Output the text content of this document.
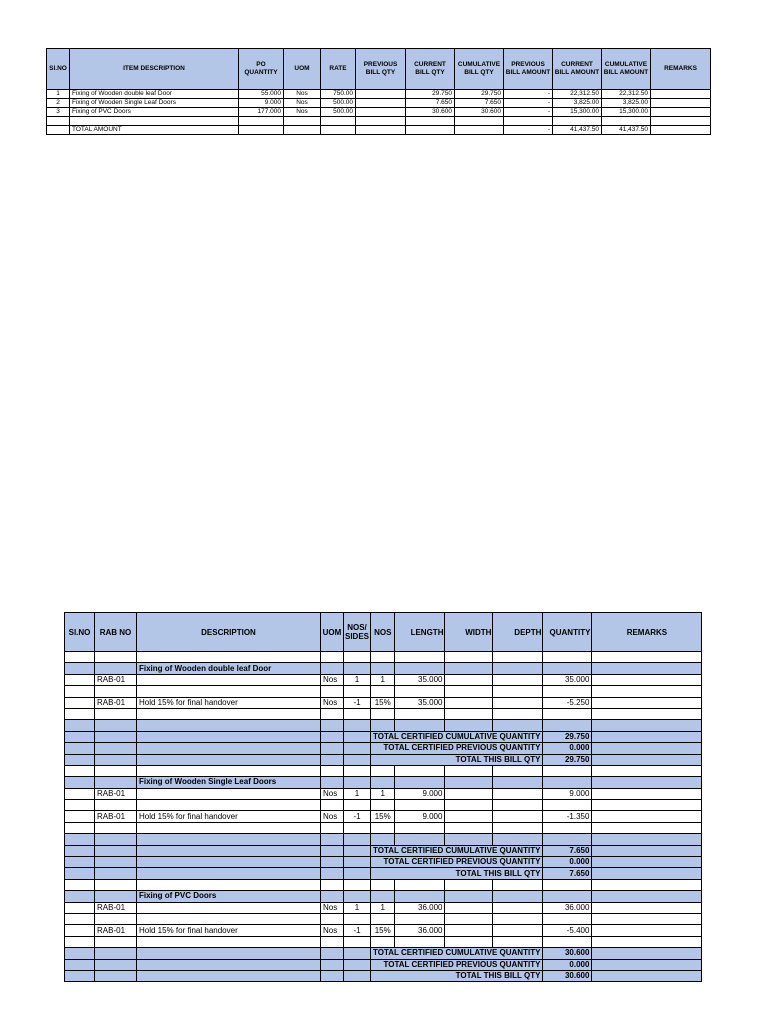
Sl.NO	ITEM DESCRIPTION	PO QUANTITY	UOM	RATE	PREVIOUS BILL QTY	CURRENT BILL QTY	CUMULATIVE BILL QTY	PREVIOUS BILL AMOUNT	CURRENT BILL AMOUNT	CUMULATIVE BILL AMOUNT	REMARKS
1	Fixing of Wooden double leaf Door	55.000	Nos	750.00		29.750	29.750	-	22,312.50	22,312.50	
2	Fixing of Wooden Single Leaf Doors	9.000	Nos	500.00		7.650	7.650	-	3,825.00	3,825.00	
3	Fixing of PVC Doors	177.000	Nos	500.00		30.600	30.600	-	15,300.00	15,300.00	

	TOTAL AMOUNT							-	41,437.50	41,437.50	
Sl.NO	RAB NO	DESCRIPTION	UOM	NOS/ SIDES	NOS	LENGTH	WIDTH	DEPTH	QUANTITY	REMARKS

		Fixing of Wooden double leaf Door								
	RAB-01		Nos	1	1	35.000			35.000	

	RAB-01	Hold 15% for final handover	Nos	-1	15%	35.000			-5.250	

					TOTAL CERTIFIED CUMULATIVE QUANTITY				29.750	
					TOTAL CERTIFIED PREVIOUS QUANTITY				0.000	
					TOTAL THIS BILL QTY				29.750	

		Fixing of Wooden Single Leaf Doors								
	RAB-01		Nos	1	1	9.000			9.000	

	RAB-01	Hold 15% for final handover	Nos	-1	15%	9.000			-1.350	

					TOTAL CERTIFIED CUMULATIVE QUANTITY				7.650	
					TOTAL CERTIFIED PREVIOUS QUANTITY				0.000	
					TOTAL THIS BILL QTY				7.650	

		Fixing of PVC Doors								
	RAB-01		Nos	1	1	36.000			36.000	

	RAB-01	Hold 15% for final handover	Nos	-1	15%	36.000			-5.400	

					TOTAL CERTIFIED CUMULATIVE QUANTITY				30.600	
					TOTAL CERTIFIED PREVIOUS QUANTITY				0.000	
					TOTAL THIS BILL QTY				30.600	
